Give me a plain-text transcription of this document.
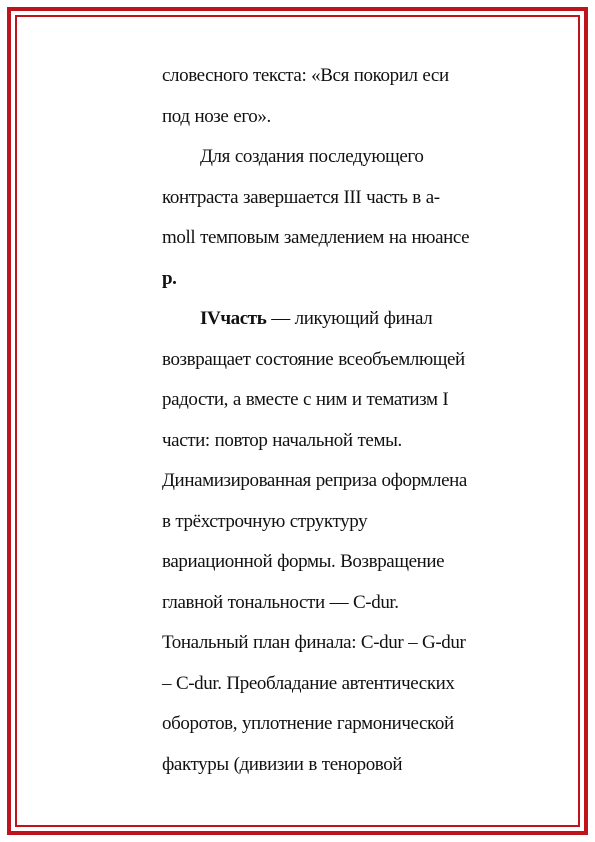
словесного текста: «Вся покорил еси
под нозе его».

Для создания последующего
контраста завершается III часть в а-
moll темповым замедлением на нюансе
p.

IVчасть — ликующий финал
возвращает состояние всеобъемлющей
радости, а вместе с ним и тематизм I
части: повтор начальной темы.
Динамизированная реприза оформлена
в трёхстрочную структуру
вариационной формы. Возвращение
главной тональности — C-dur.
Тональный план финала: C-dur – G-dur
– C-dur. Преобладание автентических
оборотов, уплотнение гармонической
фактуры (дивизии в теноровой
